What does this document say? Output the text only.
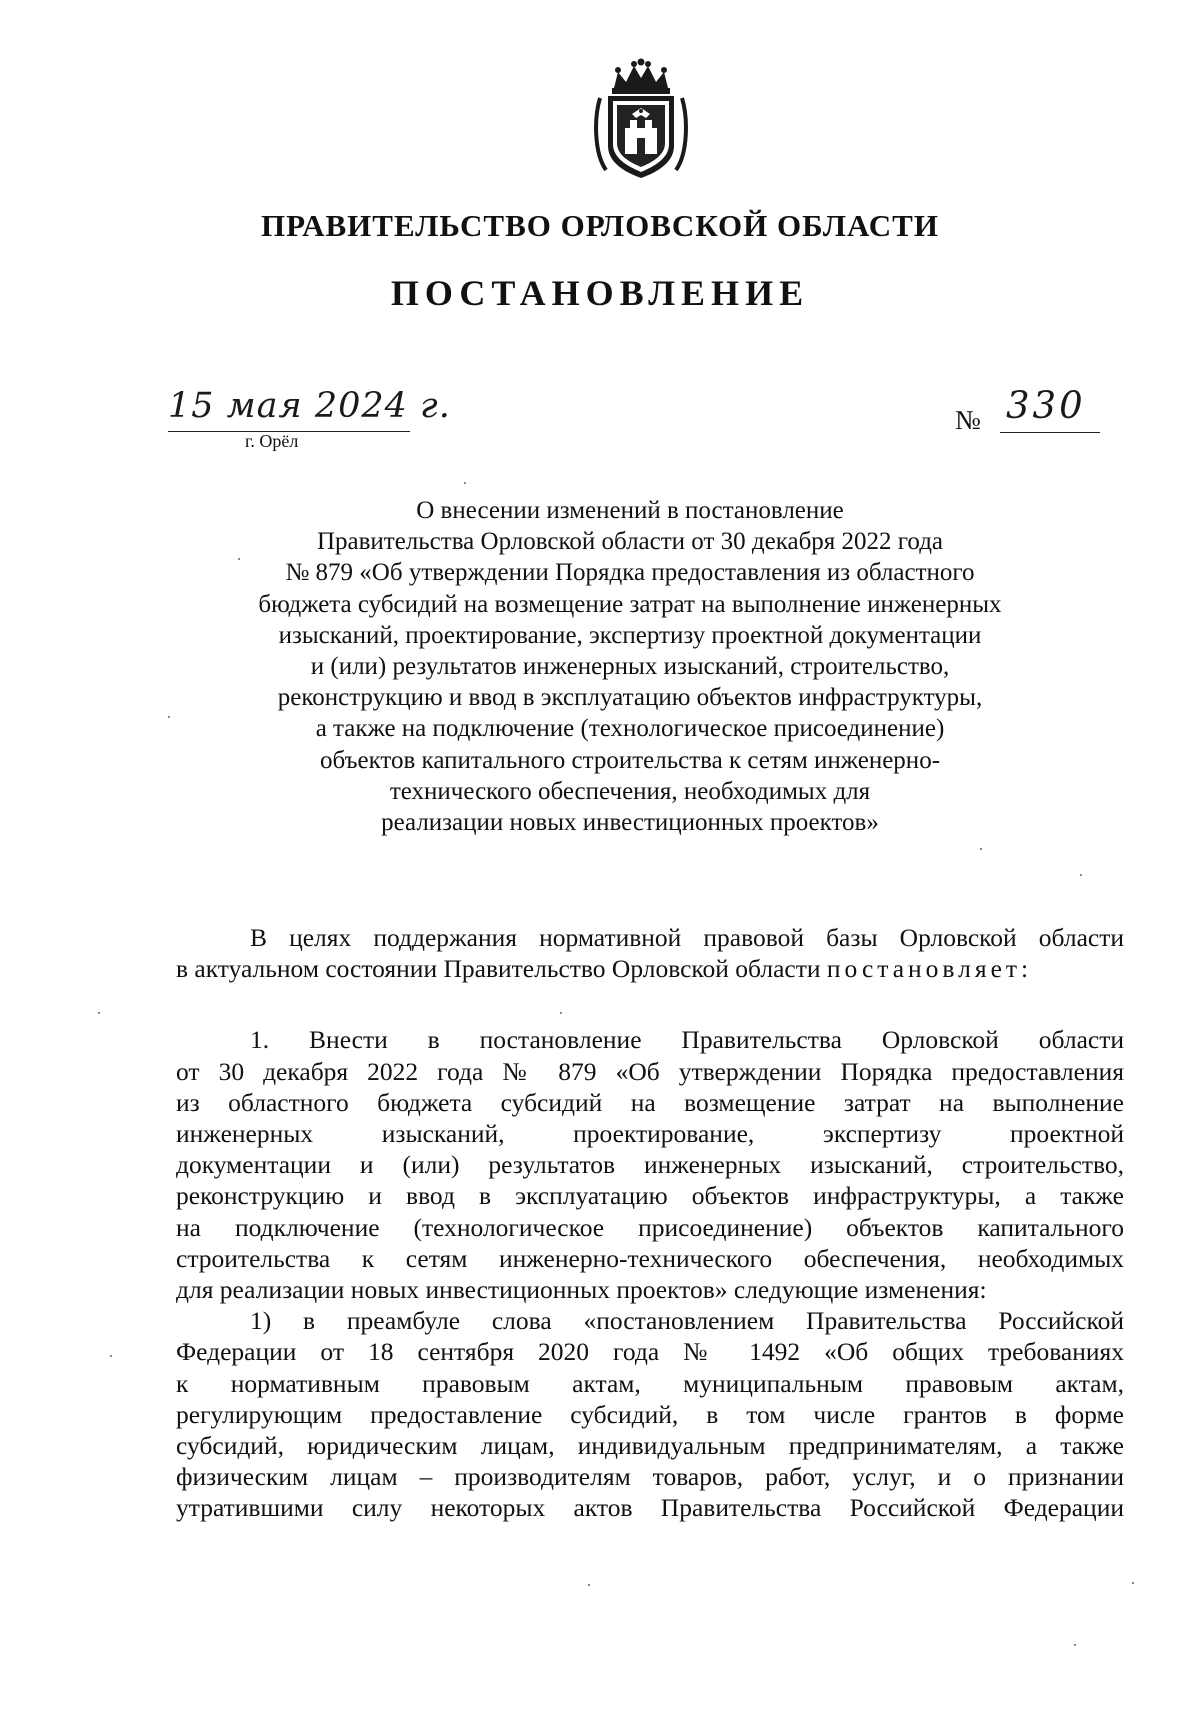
ПРАВИТЕЛЬСТВО ОРЛОВСКОЙ ОБЛАСТИ
ПОСТАНОВЛЕНИЕ
15 мая 2024 г.
г. Орёл
№ 330
О внесении изменений в постановление
Правительства Орловской области от 30 декабря 2022 года
№ 879 «Об утверждении Порядка предоставления из областного
бюджета субсидий на возмещение затрат на выполнение инженерных
изысканий, проектирование, экспертизу проектной документации
и (или) результатов инженерных изысканий, строительство,
реконструкцию и ввод в эксплуатацию объектов инфраструктуры,
а также на подключение (технологическое присоединение)
объектов капитального строительства к сетям инженерно-
технического обеспечения, необходимых для
реализации новых инвестиционных проектов»
В целях поддержания нормативной правовой базы Орловской области
в актуальном состоянии Правительство Орловской области постановляет:
1. Внести в постановление Правительства Орловской области
от 30 декабря 2022 года № 879 «Об утверждении Порядка предоставления
из областного бюджета субсидий на возмещение затрат на выполнение
инженерных изысканий, проектирование, экспертизу проектной
документации и (или) результатов инженерных изысканий, строительство,
реконструкцию и ввод в эксплуатацию объектов инфраструктуры, а также
на подключение (технологическое присоединение) объектов капитального
строительства к сетям инженерно-технического обеспечения, необходимых
для реализации новых инвестиционных проектов» следующие изменения:
1) в преамбуле слова «постановлением Правительства Российской
Федерации от 18 сентября 2020 года № 1492 «Об общих требованиях
к нормативным правовым актам, муниципальным правовым актам,
регулирующим предоставление субсидий, в том числе грантов в форме
субсидий, юридическим лицам, индивидуальным предпринимателям, а также
физическим лицам – производителям товаров, работ, услуг, и о признании
утратившими силу некоторых актов Правительства Российской Федерации
